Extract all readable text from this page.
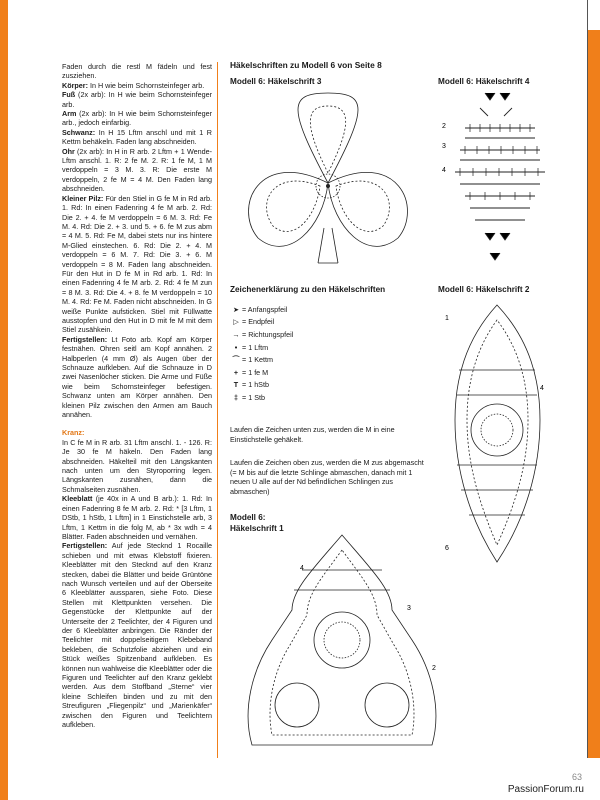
Faden durch die restl M fädeln und fest zusziehen.

Körper: In H wie beim Schornsteinfeger arb.

Fuß (2x arb): In H wie beim Schornsteinfeger arb.

Arm (2x arb): In H wie beim Schornsteinfeger arb., jedoch einfarbig.

Schwanz: In H 15 Lftm anschl und mit 1 R Kettm behäkeln. Faden lang abschneiden.

Ohr (2x arb): In H in R arb. 2 Lftm + 1 Wende-Lftm anschl. 1. R: 2 fe M. 2. R: 1 fe M, 1 M verdoppeln = 3 M. 3. R: Die erste M verdoppeln, 2 fe M = 4 M. Den Faden lang abschneiden.

Kleiner Pilz: Für den Stiel in G fe M in Rd arb. 1. Rd: In einen Fadenring 4 fe M arb. 2. Rd: Die 2. + 4. fe M verdoppeln = 6 M. 3. Rd: Fe M. 4. Rd: Die 2. + 3. und 5. + 6. fe M zus abm = 4 M. 5. Rd: Fe M, dabei stets nur ins hintere M-Glied einstechen. 6. Rd: Die 2. + 4. M verdoppeln = 6 M. 7. Rd: Die 3. + 6. M verdoppeln = 8 M. Faden lang abschneiden. Für den Hut in D fe M in Rd arb. 1. Rd: In einen Fadenring 4 fe M arb. 2. Rd: 4 fe M zun = 8 M. 3. Rd: Die 4. + 8. fe M verdoppeln = 10 M. 4. Rd: Fe M. Faden nicht abschneiden. In G weiße Punkte aufsticken. Stiel mit Füllwatte ausstopfen und den Hut in D mit fe M mit dem Stiel zusähkein.

Fertigstellen: Lt Foto arb. Kopf am Körper festnähen. Ohren seitl am Kopf annähen. 2 Halbperlen (4 mm Ø) als Augen über der Schnauze aufkleben. Auf die Schnauze in D zwei Nasenlöcher sticken. Die Arme und Füße wie beim Schornsteinfeger befestigen. Schwanz unten am Körper annähen. Den kleinen Pilz zwischen den Armen am Bauch annähen.

Kranz:

In C fe M in R arb. 31 Lftm anschl. 1. - 126. R: Je 30 fe M häkeln. Den Faden lang abschneiden. Häkelteil mit den Längskanten nach unten um den Styroporring legen. Längskanten zusnähen, dann die Schmalseiten zusnähen.

Kleeblatt (je 40x in A und B arb.): 1. Rd: In einen Fadenring 8 fe M arb. 2. Rd: * [3 Lftm, 1 DStb, 1 hStb, 1 Lftm] in 1 Einstichstelle arb, 3 Lftm, 1 Kettm in die folg M, ab * 3x wdh = 4 Blätter. Faden abschneiden und vernähen.

Fertigstellen: Auf jede Stecknd 1 Rocaille schieben und mit etwas Klebstoff fixieren. Kleeblätter mit den Stecknd auf den Kranz stecken, dabei die Blätter und beide Grüntöne nach Wunsch verteilen und auf der Oberseite 6 Kleeblätter aussparen, siehe Foto. Diese Stellen mit Klettpunkten versehen. Die Gegenstücke der Klettpunkte auf der Unterseite der 2 Teelichter, der 4 Figuren und der 6 Kleeblätter anbringen. Die Ränder der Teelichter mit doppelseitigem Klebeband bekleben, die Schutzfolie abziehen und ein Stück weißes Spitzenband aufkleben. Es können nun wahlweise die Kleeblätter oder die Figuren und Teelichter auf den Kranz geklebt werden. Aus dem Stoffband „Sterne“ vier kleine Schleifen binden und zu mit den Streufiguren „Fliegenpilz“ und „Marienkäfer“ zwischen den Figuren und Teelichtern aufkleben.

Häkelschriften zu Modell 6 von Seite 8
Modell 6: Häkelschrift 3	Modell 6: Häkelschrift 4
Modell 6: Häkelschrift 2
2
3
4
1
4
6
Zeichenerklärung zu den Häkelschriften
➤ = Anfangspfeil
▷ = Endpfeil
→ = Richtungspfeil
• = 1 Lftm
⌒ = 1 Kettm
+ = 1 fe M
T = 1 hStb
‡ = 1 Stb
Laufen die Zeichen unten zus, werden die M in eine Einstichstelle gehäkelt.
Laufen die Zeichen oben zus, werden die M zus abgemascht (= M bis auf die letzte Schlinge abmaschen, danach mit 1 neuen U alle auf der Nd befindlichen Schlingen zus abmaschen)
Modell 6:
Häkelschrift 1
4
3
2
63
PassionForum.ru
